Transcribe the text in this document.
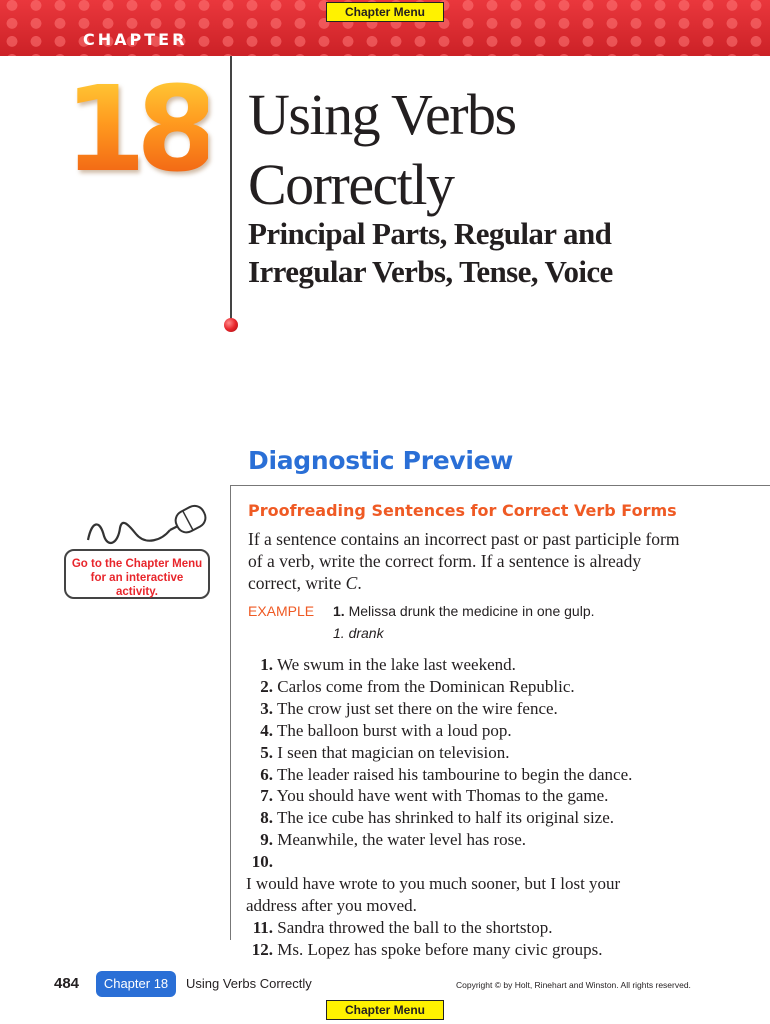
Chapter Menu
CHAPTER
18 Using Verbs
Correctly
Principal Parts, Regular and
Irregular Verbs, Tense, Voice
Diagnostic Preview
Proofreading Sentences for Correct Verb Forms
If a sentence contains an incorrect past or past participle form of a verb, write the correct form. If a sentence is already correct, write C.
EXAMPLE 1. Melissa drunk the medicine in one gulp.
1. drank
1. We swum in the lake last weekend.
2. Carlos come from the Dominican Republic.
3. The crow just set there on the wire fence.
4. The balloon burst with a loud pop.
5. I seen that magician on television.
6. The leader raised his tambourine to begin the dance.
7. You should have went with Thomas to the game.
8. The ice cube has shrinked to half its original size.
9. Meanwhile, the water level has rose.
10. I would have wrote to you much sooner, but I lost your address after you moved.
11. Sandra throwed the ball to the shortstop.
12. Ms. Lopez has spoke before many civic groups.
Go to the Chapter Menu
for an interactive activity.
484	Chapter 18	Using Verbs Correctly	Copyright © by Holt, Rinehart and Winston. All rights reserved.
Chapter Menu
